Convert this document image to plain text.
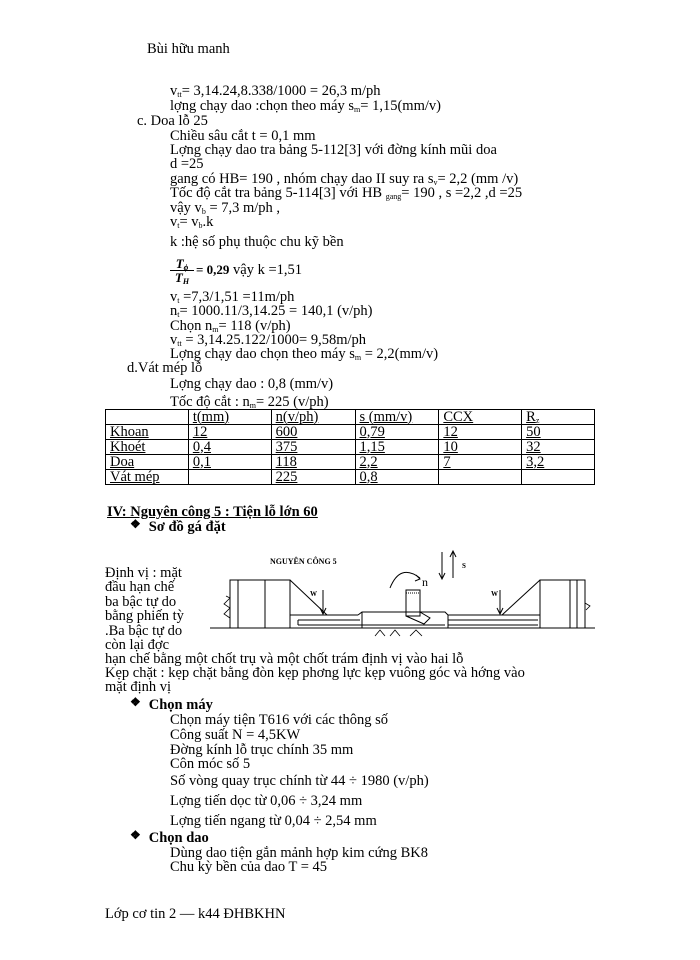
Bùi hữu manh
$v_{tt}= 3,14.24,8.338/1000 = 26,3$ m/ph
lợng chạy dao :chọn theo máy $s_m= 1,15(mm/v)$
c. Doa lỗ 25
Chiều sâu cắt t = 0,1 mm
Lợng chạy dao tra bảng 5-112[3] với đờng kính mũi doa
d =25
gang có HB= 190 , nhóm chạy dao II suy ra $s_v= 2,2$ (mm /v)
Tốc độ cắt tra bảng 5-114[3] với HB $_{gang}$= 190 , s =2,2 ,d =25
vậy $v_b = 7,3$ m/ph ,
$v_t= v_b.k$
k :hệ số phụ thuộc chu kỹ bền
$\frac{T_\phi}{T_H} = 0,29$ vậy k =1,51
$v_t =7,3/1,51 =11m/ph$
$n_t= 1000.11/3,14.25 = 140,1$ (v/ph)
Chọn $n_m= 118$ (v/ph)
$v_{tt} = 3,14.25.122/1000= 9,58m/ph$
Lợng chạy dao chọn theo máy $s_m = 2,2(mm/v)$
d.Vát mép lỗ
Lợng chạy dao : 0,8 (mm/v)
Tốc độ cắt : $n_m= 225$ (v/ph)
	t(mm)	n(v/ph)	s (mm/v)	CCX	$R_z$
Khoan	12	600	0,79	12	50
Khoét	0,4	375	1,15	10	32
Doa	0,1	118	2,2	7	3,2
Vát mép		225	0,8		
IV: Nguyên công 5 : Tiện lỗ lớn 60
❖ Sơ đồ gá đặt
Định vị : mặt
đầu hạn chế
ba bậc tự do
bằng phiến tỳ
.Ba bậc tự do
còn lại đợc
hạn chế bằng một chốt trụ và một chốt trám định vị vào hai lỗ
Kẹp chặt : kẹp chặt bằng đòn kẹp phơng lực kẹp vuông góc và hớng vào
mặt định vị
NGUYÊN CÔNG 5
n
S
W	W
❖ Chọn máy
Chọn máy tiện T616 với các thông số
Công suất N = 4,5KW
Đờng kính lỗ trục chính 35 mm
Côn móc số 5
Số vòng quay trục chính từ 44 ÷ 1980 (v/ph)
Lợng tiến dọc từ 0,06 ÷ 3,24 mm
Lợng tiến ngang từ 0,04 ÷ 2,54 mm
❖ Chọn dao
Dùng dao tiện gắn mảnh hợp kim cứng BK8
Chu kỳ bền của dao T = 45
Lớp cơ tin 2 — k44 ĐHBKHN
